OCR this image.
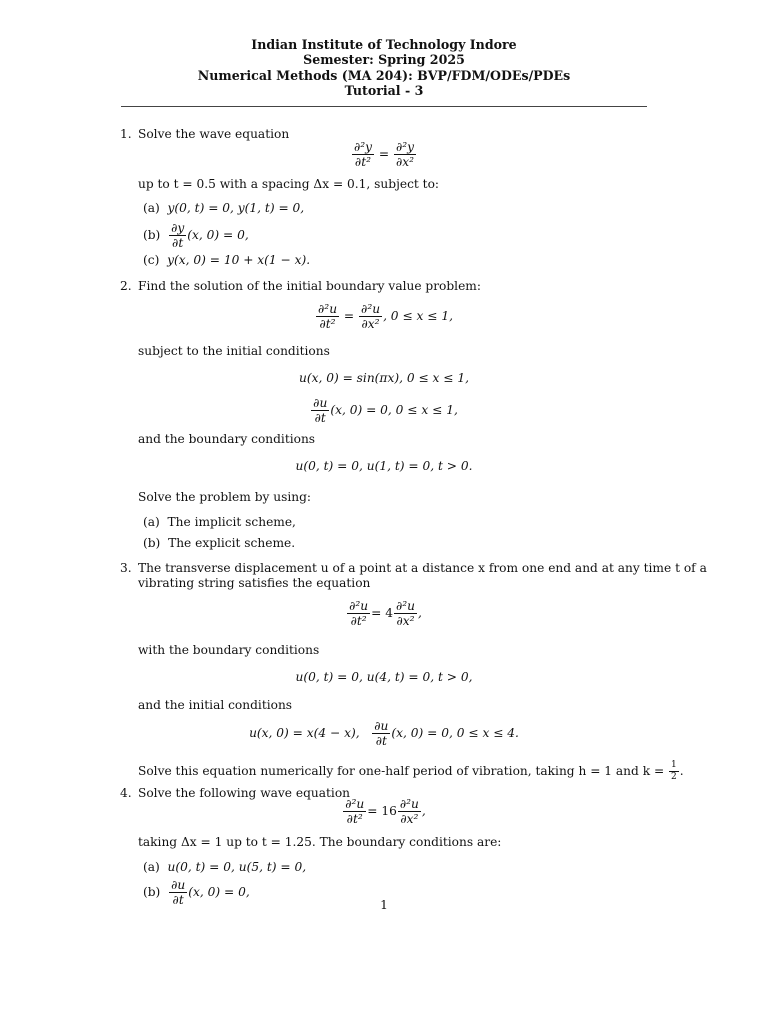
Indian Institute of Technology Indore
Semester: Spring 2025
Numerical Methods (MA 204): BVP/FDM/ODEs/PDEs
Tutorial - 3
1. Solve the wave equation
$\frac{\text{∂²y}}{\text{∂t²}} = \frac{\text{∂²y}}{\text{∂x²}}$
up to t = 0.5 with a spacing Δx = 0.1, subject to:
(a) y(0, t) = 0, y(1, t) = 0,
$(b) \frac{\partial y}{\partial t} (x$, 0) = 0,
(c) y(x, 0) = 10 + x(1 − x).
2. Find the solution of the initial boundary value problem:
$\frac{\text{∂²u}}{\text{∂t²}} = \frac{\text{∂²u}}{\text{∂x²}}$ , 0 ≤ x ≤ 1,
subject to the initial conditions
u(x, 0) = sin(πx), 0 ≤ x ≤ 1,
$\frac{\partial u}{\partial t} (x$, 0) = 0, 0 ≤ x ≤ 1,
and the boundary conditions
u(0, t) = 0, u(1, t) = 0, t > 0.
Solve the problem by using:
(a) The implicit scheme,
(b) The explicit scheme.
3. The transverse displacement u of a point at a distance x from one end and at any time t of a
vibrating string satisfies the equation
$\frac{\text{∂²u}}{\text{∂t²}} = 4 \frac{\text{∂²u}}{\text{∂x²}}$ ,
with the boundary conditions
u(0, t) = 0, u(4, t) = 0, t > 0,
and the initial conditions
u(x, 0) = x(4 − x), $\frac{\partial u}{\partial t} (x$, 0) = 0, 0 ≤ x ≤ 4.
Solve this equation numerically for one-half period of vibration, taking h = 1 and $k = \frac{1}{2}$ .
4. Solve the following wave equation
$\frac{\text{∂²u}}{\text{∂t²}} = 16 \frac{\text{∂²u}}{\text{∂x²}}$ ,
taking Δx = 1 up to t = 1.25. The boundary conditions are:
(a) u(0, t) = 0, u(5, t) = 0,
$(b) \frac{\partial u}{\partial t} (x$, 0) = 0,
1
